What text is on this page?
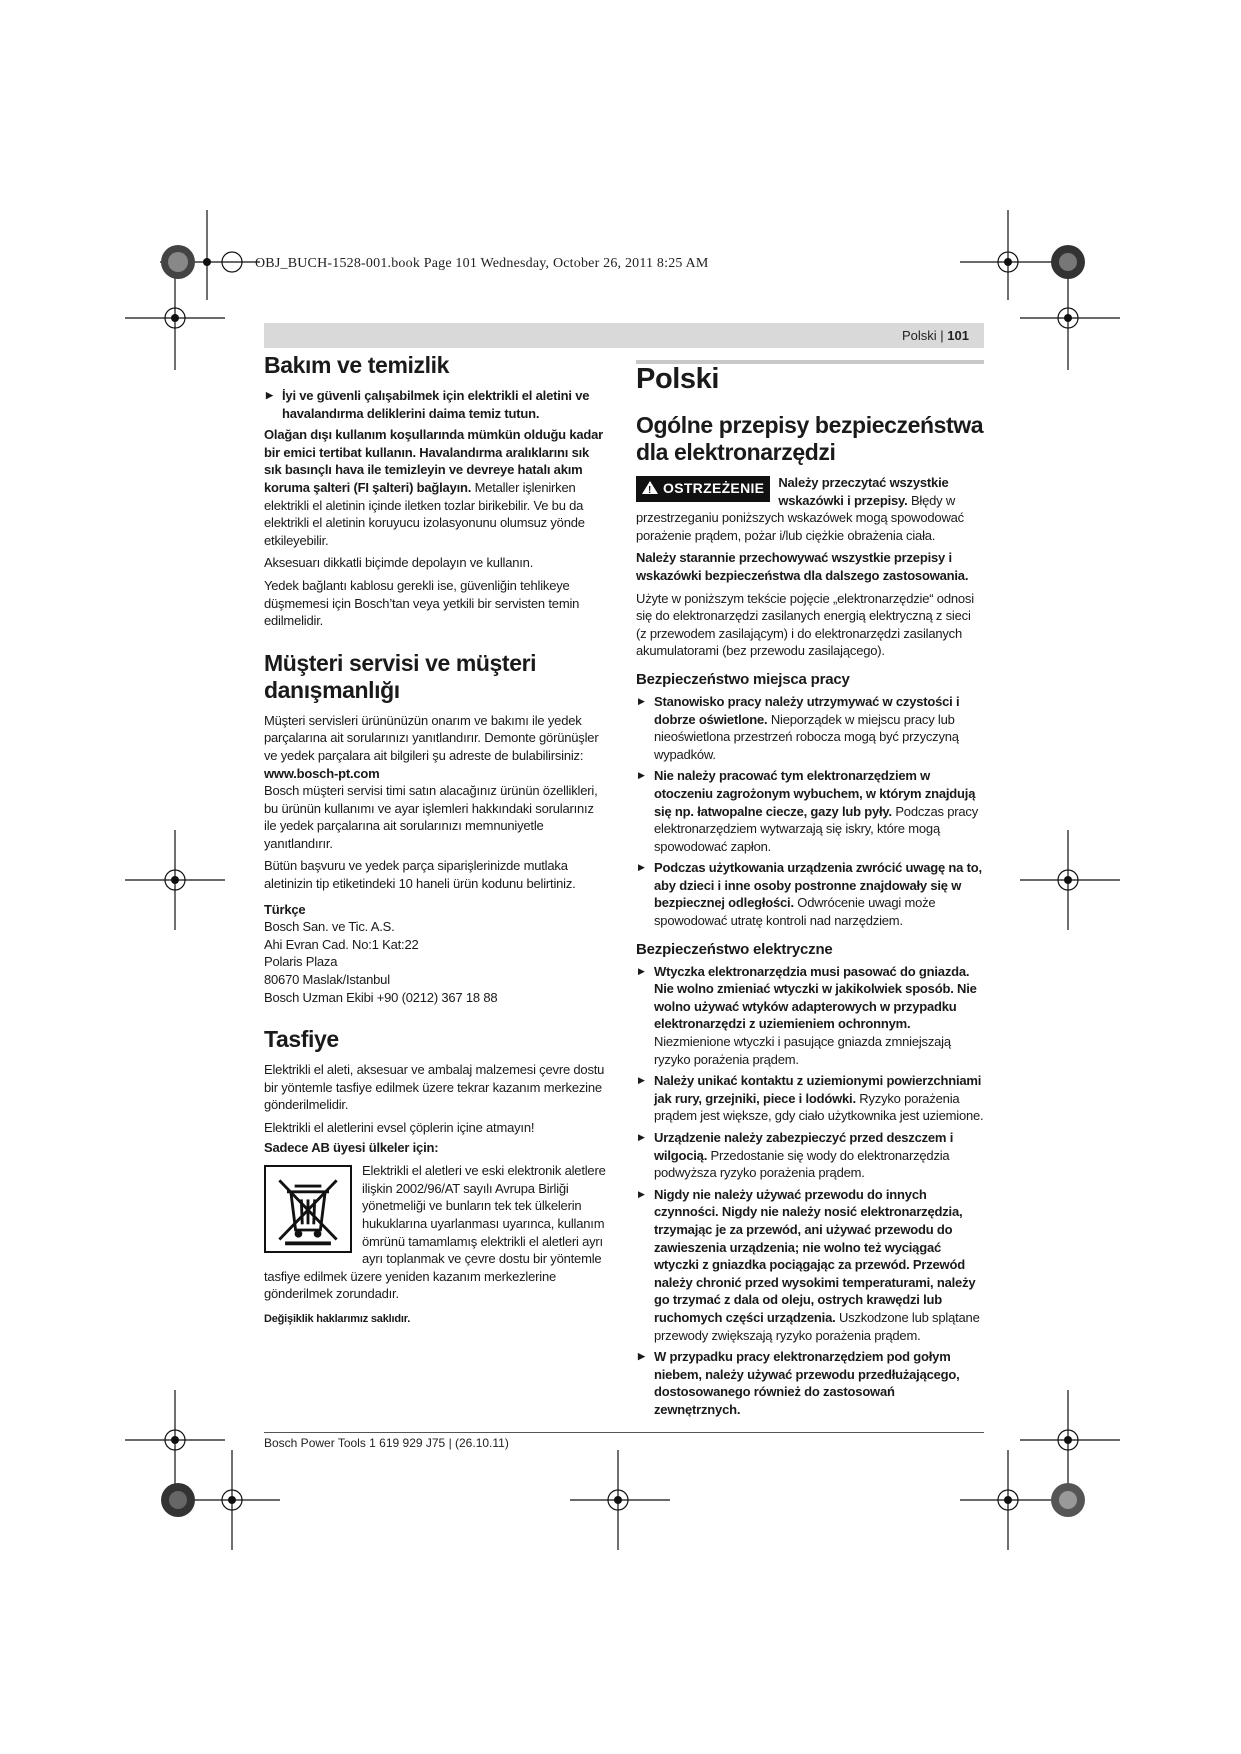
OBJ_BUCH-1528-001.book Page 101 Wednesday, October 26, 2011 8:25 AM
Polski | 101
Bakım ve temizlik
▶ İyi ve güvenli çalışabilmek için elektrikli el aletini ve havalandırma deliklerini daima temiz tutun.

Olağan dışı kullanım koşullarında mümkün olduğu kadar bir emici tertibat kullanın. Havalandırma aralıklarını sık sık basınçlı hava ile temizleyin ve devreye hatalı akım koruma şalteri (FI şalteri) bağlayın. Metaller işlenirken elektrikli el aletinin içinde iletken tozlar birikebilir. Ve bu da elektrikli el aletinin koruyucu izolasyonunu olumsuz yönde etkileyebilir.

Aksesuarı dikkatli biçimde depolayın ve kullanın.

Yedek bağlantı kablosu gerekli ise, güvenliğin tehlikeye düşmemesi için Bosch’tan veya yetkili bir servisten temin edilmelidir.

Müşteri servisi ve müşteri danışmanlığı

Müşteri servisleri ürününüzün onarım ve bakımı ile yedek parçalarına ait sorularınızı yanıtlandırır. Demonte görünüşler ve yedek parçalara ait bilgileri şu adreste de bulabilirsiniz:

www.bosch-pt.com

Bosch müşteri servisi timi satın alacağınız ürünün özellikleri, bu ürünün kullanımı ve ayar işlemleri hakkındaki sorularınız ile yedek parçalarına ait sorularınızı memnuniyetle yanıtlandırır.

Bütün başvuru ve yedek parça siparişlerinizde mutlaka aletinizin tip etiketindeki 10 haneli ürün kodunu belirtiniz.

Türkçe
Bosch San. ve Tic. A.S.
Ahi Evran Cad. No:1 Kat:22
Polaris Plaza
80670 Maslak/Istanbul
Bosch Uzman Ekibi +90 (0212) 367 18 88
Tasfiye

Elektrikli el aleti, aksesuar ve ambalaj malzemesi çevre dostu bir yöntemle tasfiye edilmek üzere tekrar kazanım merkezine gönderilmelidir.

Elektrikli el aletlerini evsel çöplerin içine atmayın!

Sadece AB üyesi ülkeler için:

Elektrikli el aletleri ve eski elektronik aletlere ilişkin 2002/96/AT sayılı Avrupa Birliği yönetmeliği ve bunların tek tek ülkelerin hukuklarına uyarlanması uyarınca, kullanım ömrünü tamamlamış elektrikli el aletleri ayrı ayrı toplanmak ve çevre dostu bir yöntemle tasfiye edilmek üzere yeniden kazanım merkezlerine gönderilmek zorundadır.

Değişiklik haklarımız saklıdır.
Polski
Ogólne przepisy bezpieczeństwa dla elektronarzędzi
!OSTRZEŻENIE	Należy przeczytać wszystkie wskazówki i przepisy. Błędy w przestrzeganiu poniższych wskazówek mogą spowodować porażenie prądem, pożar i/lub ciężkie obrażenia ciała.

Należy starannie przechowywać wszystkie przepisy i wskazówki bezpieczeństwa dla dalszego zastosowania.

Użyte w poniższym tekście pojęcie „elektronarzędzie“ odnosi się do elektronarzędzi zasilanych energią elektryczną z sieci (z przewodem zasilającym) i do elektronarzędzi zasilanych akumulatorami (bez przewodu zasilającego).

Bezpieczeństwo miejsca pracy
▶ Stanowisko pracy należy utrzymywać w czystości i dobrze oświetlone. Nieporządek w miejscu pracy lub nieoświetlona przestrzeń robocza mogą być przyczyną wypadków.
▶ Nie należy pracować tym elektronarzędziem w otoczeniu zagrożonym wybuchem, w którym znajdują się np. łatwopalne ciecze, gazy lub pyły. Podczas pracy elektronarzędziem wytwarzają się iskry, które mogą spowodować zapłon.
▶ Podczas użytkowania urządzenia zwrócić uwagę na to, aby dzieci i inne osoby postronne znajdowały się w bezpiecznej odległości. Odwrócenie uwagi może spowodować utratę kontroli nad narzędziem.
Bezpieczeństwo elektryczne
▶ Wtyczka elektronarzędzia musi pasować do gniazda. Nie wolno zmieniać wtyczki w jakikolwiek sposób. Nie wolno używać wtyków adapterowych w przypadku elektronarzędzi z uziemieniem ochronnym. Niezmienione wtyczki i pasujące gniazda zmniejszają ryzyko porażenia prądem.
▶ Należy unikać kontaktu z uziemionymi powierzchniami jak rury, grzejniki, piece i lodówki. Ryzyko porażenia prądem jest większe, gdy ciało użytkownika jest uziemione.
▶ Urządzenie należy zabezpieczyć przed deszczem i wilgocią. Przedostanie się wody do elektronarzędzia podwyższa ryzyko porażenia prądem.
▶ Nigdy nie należy używać przewodu do innych czynności. Nigdy nie należy nosić elektronarzędzia, trzymając je za przewód, ani używać przewodu do zawieszenia urządzenia; nie wolno też wyciągać wtyczki z gniazdka pociągając za przewód. Przewód należy chronić przed wysokimi temperaturami, należy go trzymać z dala od oleju, ostrych krawędzi lub ruchomych części urządzenia. Uszkodzone lub splątane przewody zwiększają ryzyko porażenia prądem.
▶ W przypadku pracy elektronarzędziem pod gołym niebem, należy używać przewodu przedłużającego, dostosowanego również do zastosowań zewnętrznych.
Bosch Power Tools 1 619 929 J75 | (26.10.11)
